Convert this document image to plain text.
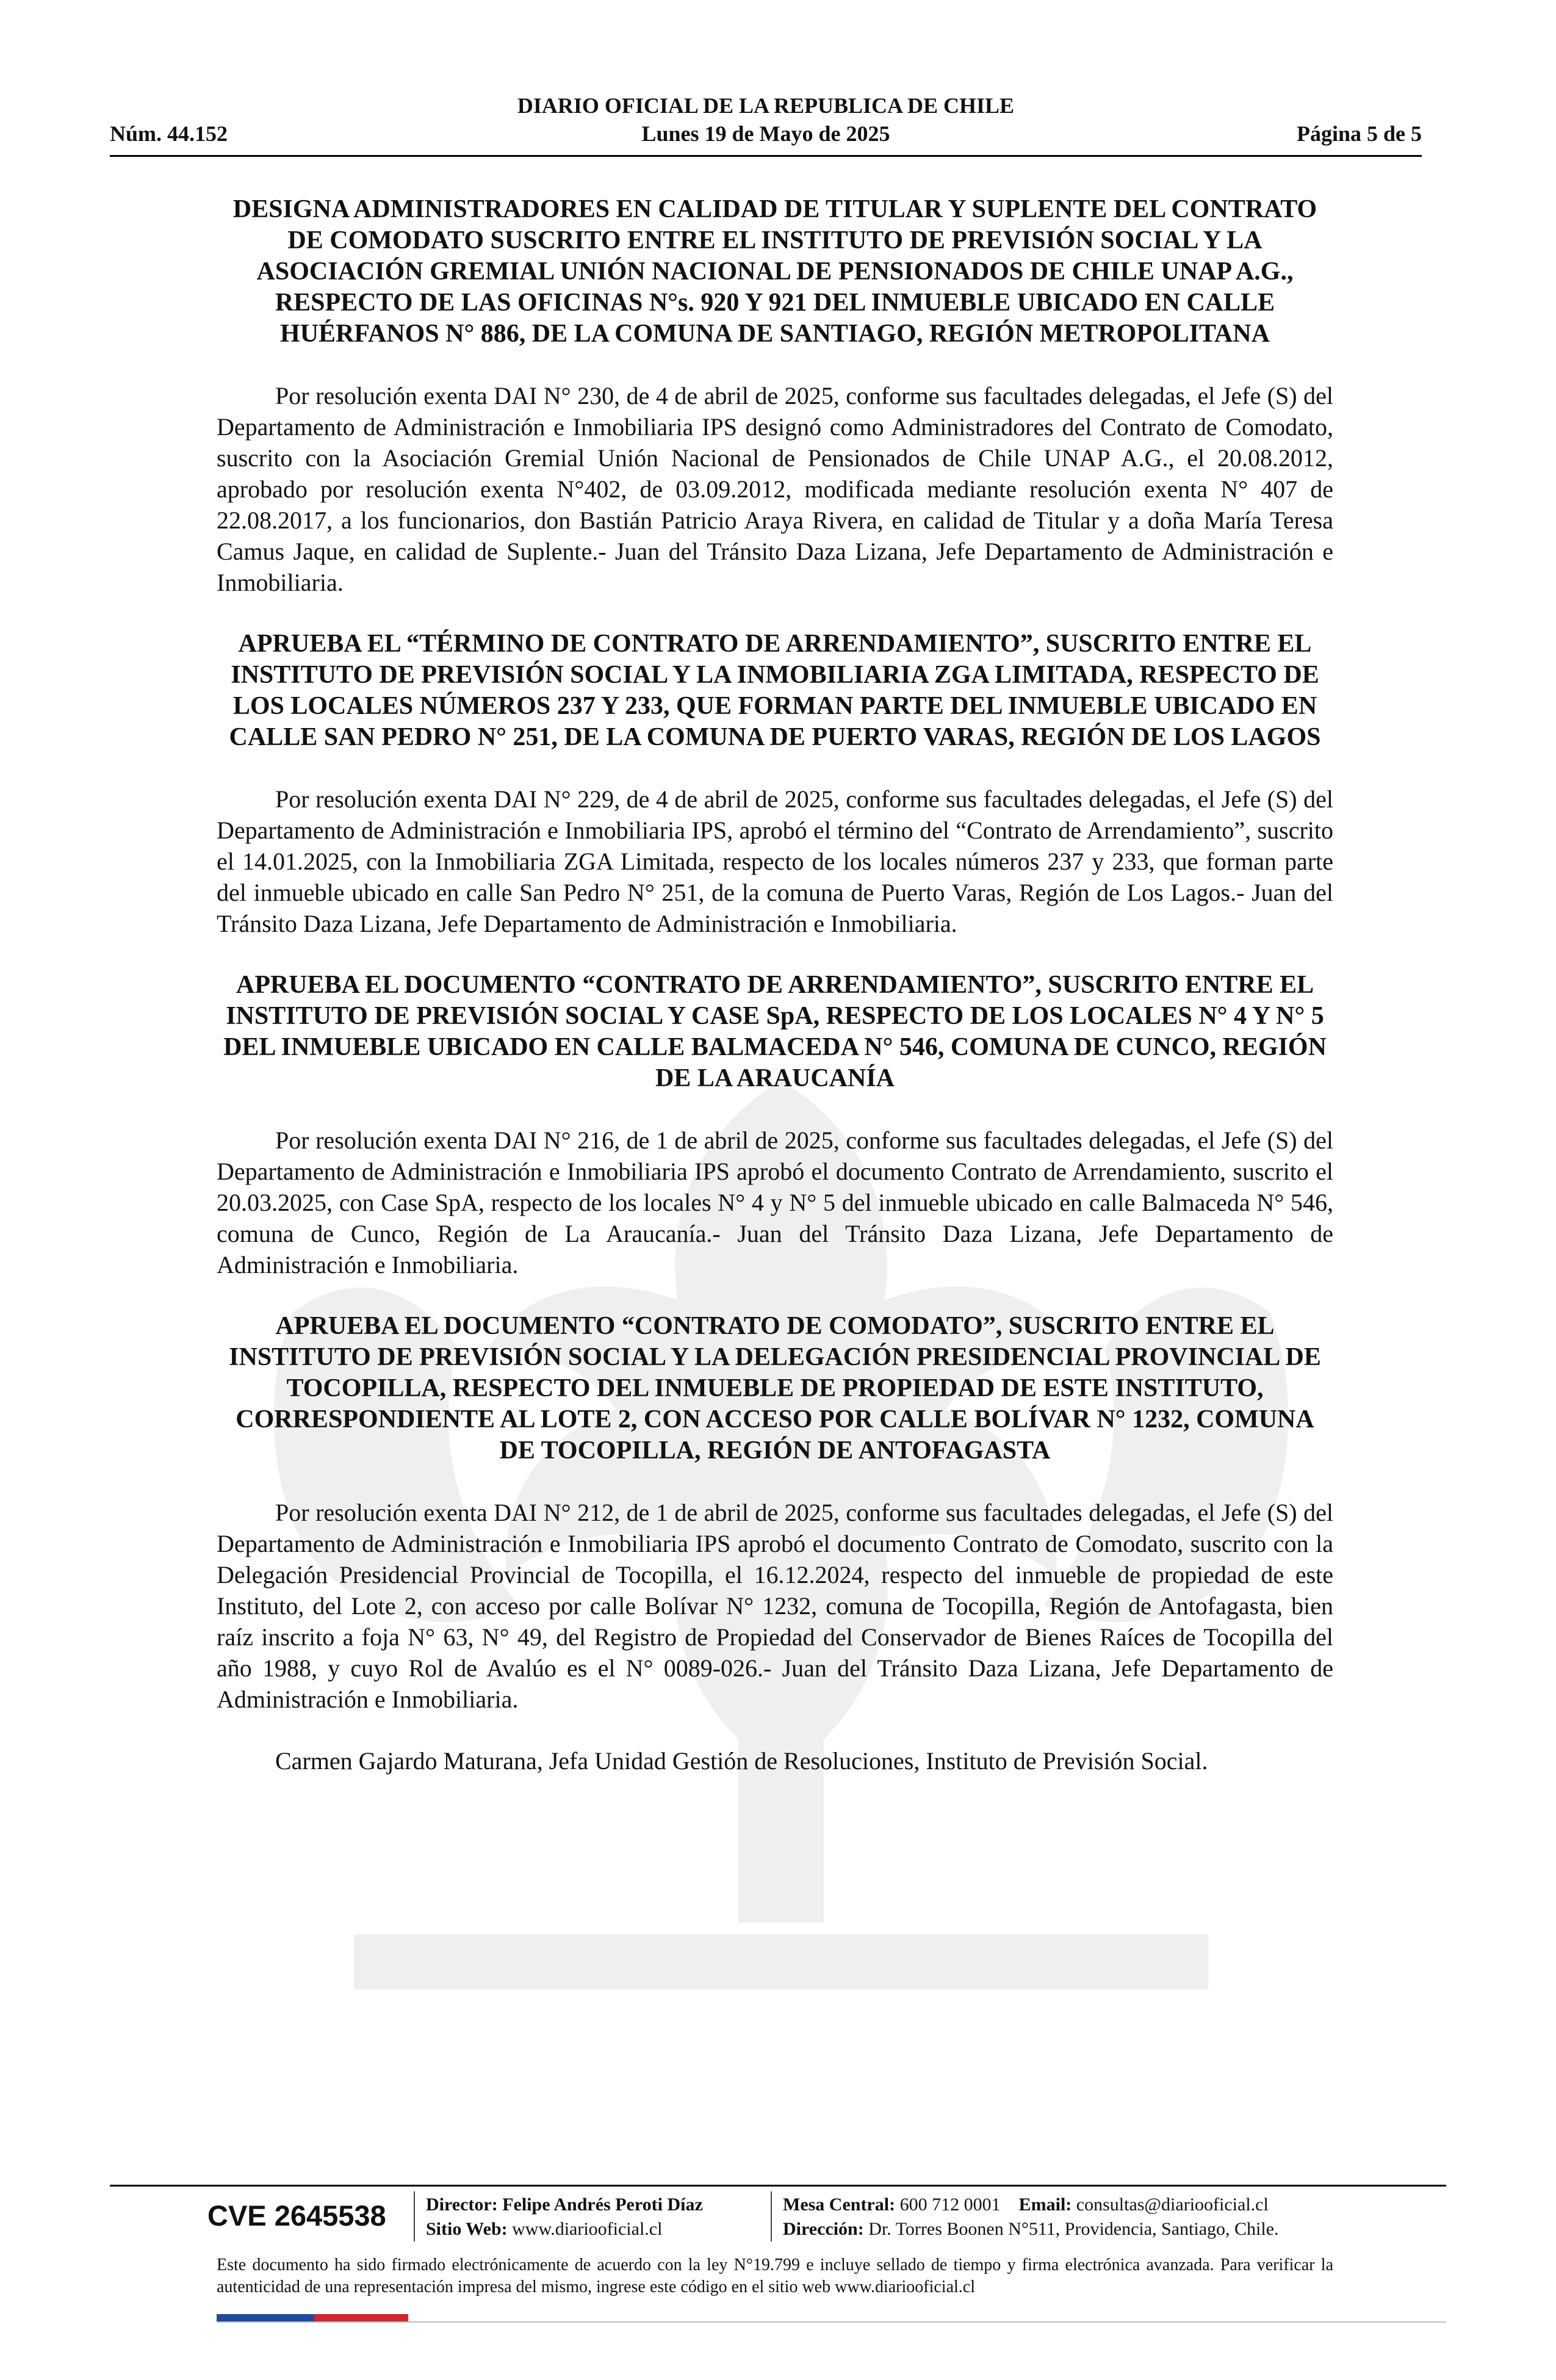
DIARIO OFICIAL DE LA REPUBLICA DE CHILE
Núm. 44.152	Lunes 19 de Mayo de 2025	Página 5 de 5
DESIGNA ADMINISTRADORES EN CALIDAD DE TITULAR Y SUPLENTE DEL CONTRATO DE COMODATO SUSCRITO ENTRE EL INSTITUTO DE PREVISIÓN SOCIAL Y LA ASOCIACIÓN GREMIAL UNIÓN NACIONAL DE PENSIONADOS DE CHILE UNAP A.G., RESPECTO DE LAS OFICINAS N°s. 920 Y 921 DEL INMUEBLE UBICADO EN CALLE HUÉRFANOS N° 886, DE LA COMUNA DE SANTIAGO, REGIÓN METROPOLITANA

Por resolución exenta DAI N° 230, de 4 de abril de 2025, conforme sus facultades delegadas, el Jefe (S) del Departamento de Administración e Inmobiliaria IPS designó como Administradores del Contrato de Comodato, suscrito con la Asociación Gremial Unión Nacional de Pensionados de Chile UNAP A.G., el 20.08.2012, aprobado por resolución exenta N°402, de 03.09.2012, modificada mediante resolución exenta N° 407 de 22.08.2017, a los funcionarios, don Bastián Patricio Araya Rivera, en calidad de Titular y a doña María Teresa Camus Jaque, en calidad de Suplente.- Juan del Tránsito Daza Lizana, Jefe Departamento de Administración e Inmobiliaria.

APRUEBA EL “TÉRMINO DE CONTRATO DE ARRENDAMIENTO”, SUSCRITO ENTRE EL INSTITUTO DE PREVISIÓN SOCIAL Y LA INMOBILIARIA ZGA LIMITADA, RESPECTO DE LOS LOCALES NÚMEROS 237 Y 233, QUE FORMAN PARTE DEL INMUEBLE UBICADO EN CALLE SAN PEDRO N° 251, DE LA COMUNA DE PUERTO VARAS, REGIÓN DE LOS LAGOS

Por resolución exenta DAI N° 229, de 4 de abril de 2025, conforme sus facultades delegadas, el Jefe (S) del Departamento de Administración e Inmobiliaria IPS, aprobó el término del “Contrato de Arrendamiento”, suscrito el 14.01.2025, con la Inmobiliaria ZGA Limitada, respecto de los locales números 237 y 233, que forman parte del inmueble ubicado en calle San Pedro N° 251, de la comuna de Puerto Varas, Región de Los Lagos.- Juan del Tránsito Daza Lizana, Jefe Departamento de Administración e Inmobiliaria.

APRUEBA EL DOCUMENTO “CONTRATO DE ARRENDAMIENTO”, SUSCRITO ENTRE EL INSTITUTO DE PREVISIÓN SOCIAL Y CASE SpA, RESPECTO DE LOS LOCALES N° 4 Y N° 5 DEL INMUEBLE UBICADO EN CALLE BALMACEDA N° 546, COMUNA DE CUNCO, REGIÓN DE LA ARAUCANÍA

Por resolución exenta DAI N° 216, de 1 de abril de 2025, conforme sus facultades delegadas, el Jefe (S) del Departamento de Administración e Inmobiliaria IPS aprobó el documento Contrato de Arrendamiento, suscrito el 20.03.2025, con Case SpA, respecto de los locales N° 4 y N° 5 del inmueble ubicado en calle Balmaceda N° 546, comuna de Cunco, Región de La Araucanía.- Juan del Tránsito Daza Lizana, Jefe Departamento de Administración e Inmobiliaria.

APRUEBA EL DOCUMENTO “CONTRATO DE COMODATO”, SUSCRITO ENTRE EL INSTITUTO DE PREVISIÓN SOCIAL Y LA DELEGACIÓN PRESIDENCIAL PROVINCIAL DE TOCOPILLA, RESPECTO DEL INMUEBLE DE PROPIEDAD DE ESTE INSTITUTO, CORRESPONDIENTE AL LOTE 2, CON ACCESO POR CALLE BOLÍVAR N° 1232, COMUNA DE TOCOPILLA, REGIÓN DE ANTOFAGASTA

Por resolución exenta DAI N° 212, de 1 de abril de 2025, conforme sus facultades delegadas, el Jefe (S) del Departamento de Administración e Inmobiliaria IPS aprobó el documento Contrato de Comodato, suscrito con la Delegación Presidencial Provincial de Tocopilla, el 16.12.2024, respecto del inmueble de propiedad de este Instituto, del Lote 2, con acceso por calle Bolívar N° 1232, comuna de Tocopilla, Región de Antofagasta, bien raíz inscrito a foja N° 63, N° 49, del Registro de Propiedad del Conservador de Bienes Raíces de Tocopilla del año 1988, y cuyo Rol de Avalúo es el N° 0089-026.- Juan del Tránsito Daza Lizana, Jefe Departamento de Administración e Inmobiliaria.

Carmen Gajardo Maturana, Jefa Unidad Gestión de Resoluciones, Instituto de Previsión Social.

CVE 2645538	Director: Felipe Andrés Peroti Díaz
Sitio Web: www.diariooficial.cl
Mesa Central: 600 712 0001 Email: consultas@diariooficial.cl
Dirección: Dr. Torres Boonen N°511, Providencia, Santiago, Chile.
Este documento ha sido firmado electrónicamente de acuerdo con la ley N°19.799 e incluye sellado de tiempo y firma electrónica avanzada. Para verificar la autenticidad de una representación impresa del mismo, ingrese este código en el sitio web www.diariooficial.cl
